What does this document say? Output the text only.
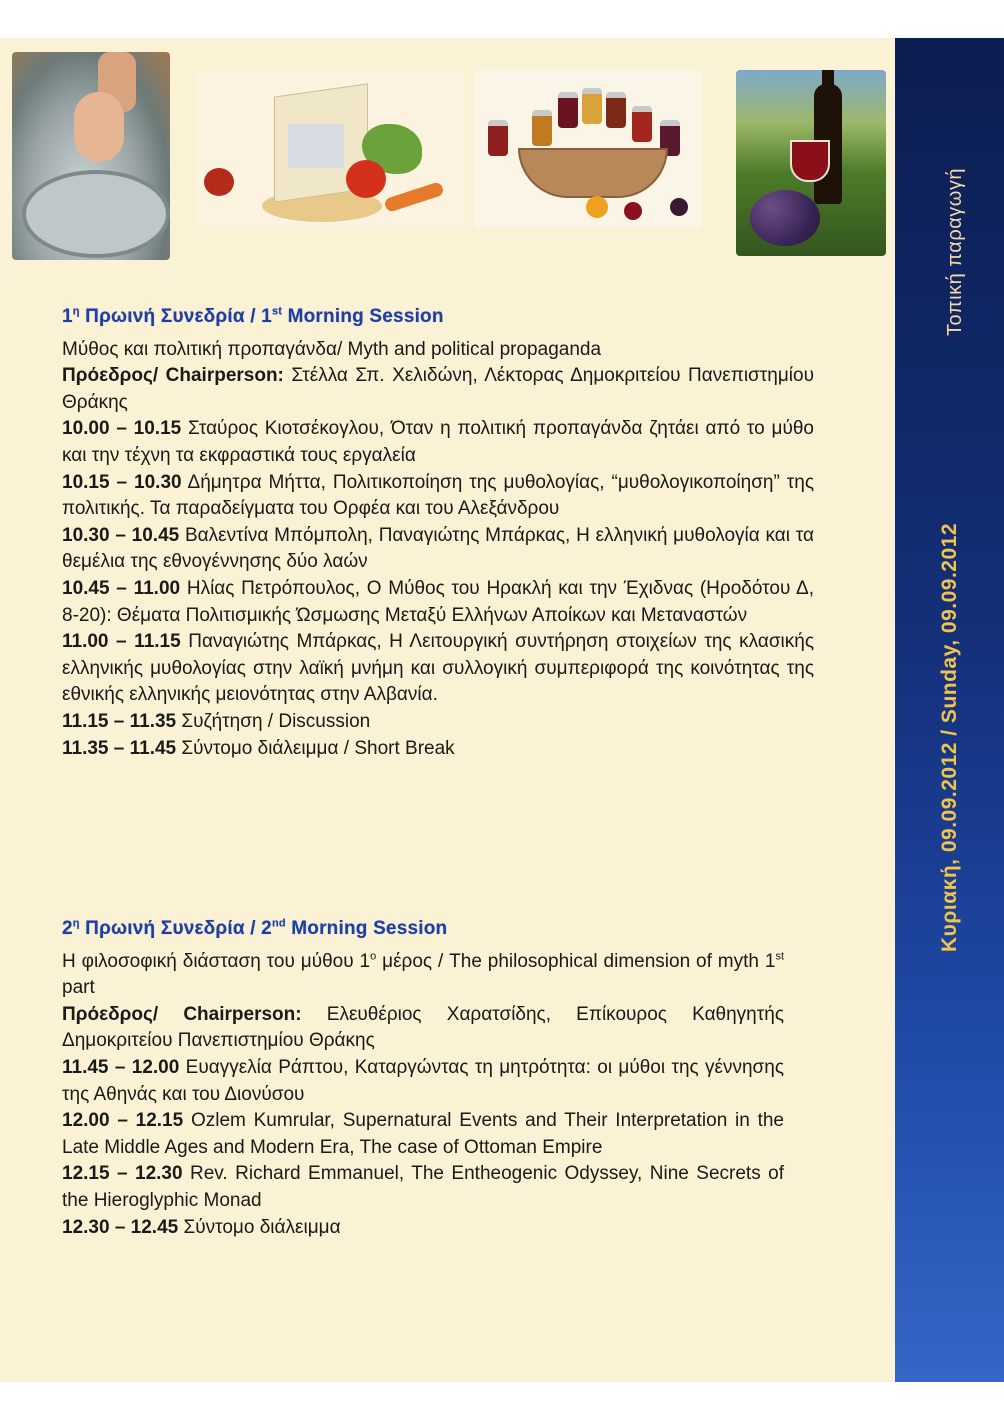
Τοπική παραγωγή
Κυριακή, 09.09.2012 / Sunday, 09.09.2012
$1^\eta$ Πρωινή Συνεδρία / 1st Morning Session
Μύθος και πολιτική προπαγάνδα/ Myth and political propaganda
Πρόεδρος/ Chairperson: Στέλλα Σπ. Χελιδώνη, Λέκτορας Δημοκριτείου Πανεπιστημίου Θράκης
10.00 – 10.15 Σταύρος Κιοτσέκογλου, Όταν η πολιτική προπαγάνδα ζητάει από το μύθο και την τέχνη τα εκφραστικά τους εργαλεία
10.15 – 10.30 Δήμητρα Μήττα, Πολιτικοποίηση της μυθολογίας, “μυθολογικοποίηση” της πολιτικής. Τα παραδείγματα του Ορφέα και του Αλεξάνδρου
10.30 – 10.45 Βαλεντίνα Μπόμπολη, Παναγιώτης Μπάρκας, Η ελληνική μυθολογία και τα θεμέλια της εθνογέννησης δύο λαών
10.45 – 11.00 Ηλίας Πετρόπουλος, Ο Μύθος του Ηρακλή και την Έχιδνας (Ηροδότου Δ, 8-20): Θέματα Πολιτισμικής Ώσμωσης Μεταξύ Ελλήνων Αποίκων και Μεταναστών
11.00 – 11.15 Παναγιώτης Μπάρκας, Η Λειτουργική συντήρηση στοιχείων της κλασικής ελληνικής μυθολογίας στην λαϊκή μνήμη και συλλογική συμπεριφορά της κοινότητας της εθνικής ελληνικής μειονότητας στην Αλβανία.
11.15 – 11.35 Συζήτηση / Discussion
11.35 – 11.45 Σύντομο διάλειμμα / Short Break
$2^\eta$ Πρωινή Συνεδρία / 2nd Morning Session
Η φιλοσοφική διάσταση του μύθου $1^o$ μέρος / The philosophical dimension of myth 1st part
Πρόεδρος/ Chairperson: Ελευθέριος Χαρατσίδης, Επίκουρος Καθηγητής Δημοκριτείου Πανεπιστημίου Θράκης
11.45 – 12.00 Ευαγγελία Ράπτου, Καταργώντας τη μητρότητα: οι μύθοι της γέννησης της Αθηνάς και του Διονύσου
12.00 – 12.15 Ozlem Kumrular, Supernatural Events and Their Interpretation in the Late Middle Ages and Modern Era, The case of Ottoman Empire
12.15 – 12.30 Rev. Richard Emmanuel, The Entheogenic Odyssey, Nine Secrets of the Hieroglyphic Monad
12.30 – 12.45 Σύντομο διάλειμμα
